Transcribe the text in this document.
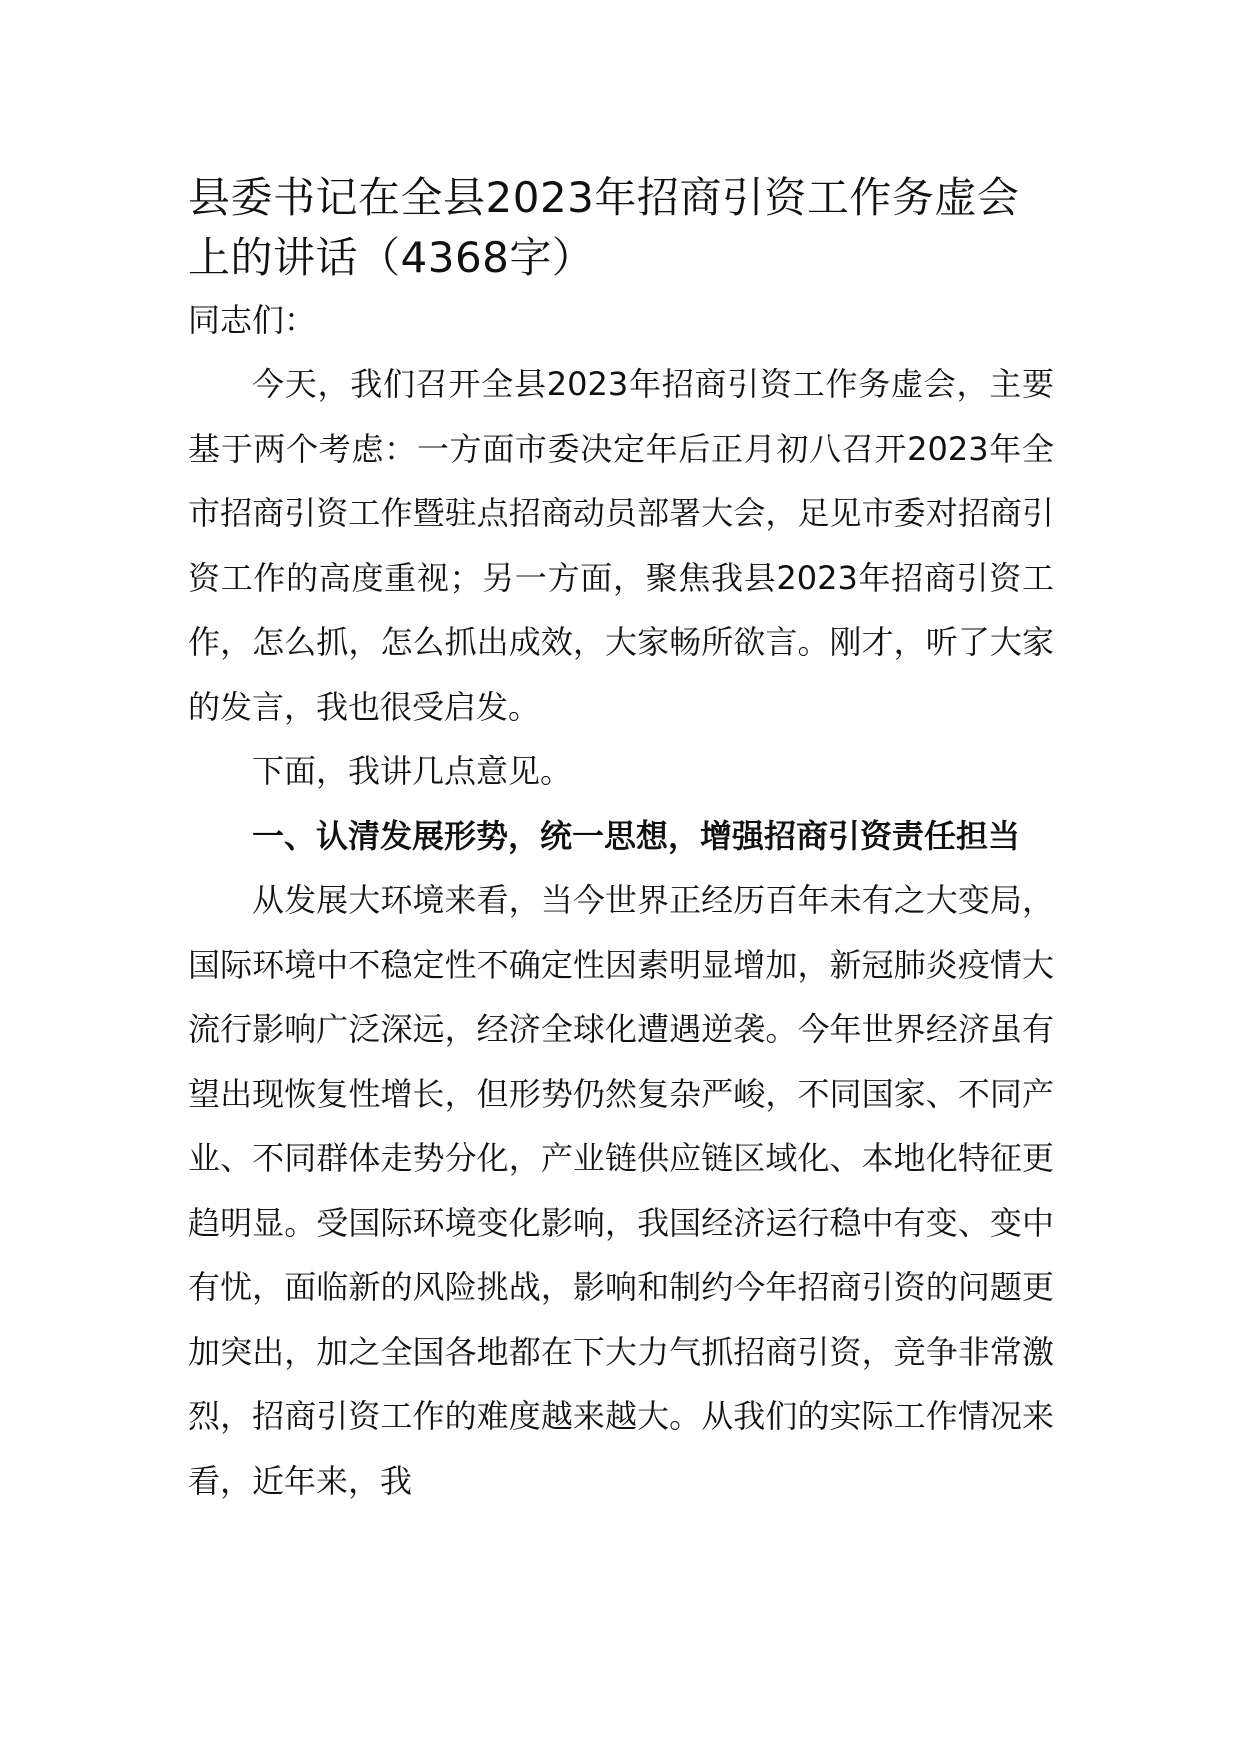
县委书记在全县2023年招商引资工作务虚会上的讲话（4368字）

同志们：

今天，我们召开全县2023年招商引资工作务虚会，主要基于两个考虑：一方面市委决定年后正月初八召开2023年全市招商引资工作暨驻点招商动员部署大会，足见市委对招商引资工作的高度重视；另一方面，聚焦我县2023年招商引资工作，怎么抓，怎么抓出成效，大家畅所欲言。刚才，听了大家的发言，我也很受启发。

下面，我讲几点意见。

一、认清发展形势，统一思想，增强招商引资责任担当

从发展大环境来看，当今世界正经历百年未有之大变局，国际环境中不稳定性不确定性因素明显增加，新冠肺炎疫情大流行影响广泛深远，经济全球化遭遇逆袭。今年世界经济虽有望出现恢复性增长，但形势仍然复杂严峻，不同国家、不同产业、不同群体走势分化，产业链供应链区域化、本地化特征更趋明显。受国际环境变化影响，我国经济运行稳中有变、变中有忧，面临新的风险挑战，影响和制约今年招商引资的问题更加突出，加之全国各地都在下大力气抓招商引资，竞争非常激烈，招商引资工作的难度越来越大。从我们的实际工作情况来看，近年来，我
